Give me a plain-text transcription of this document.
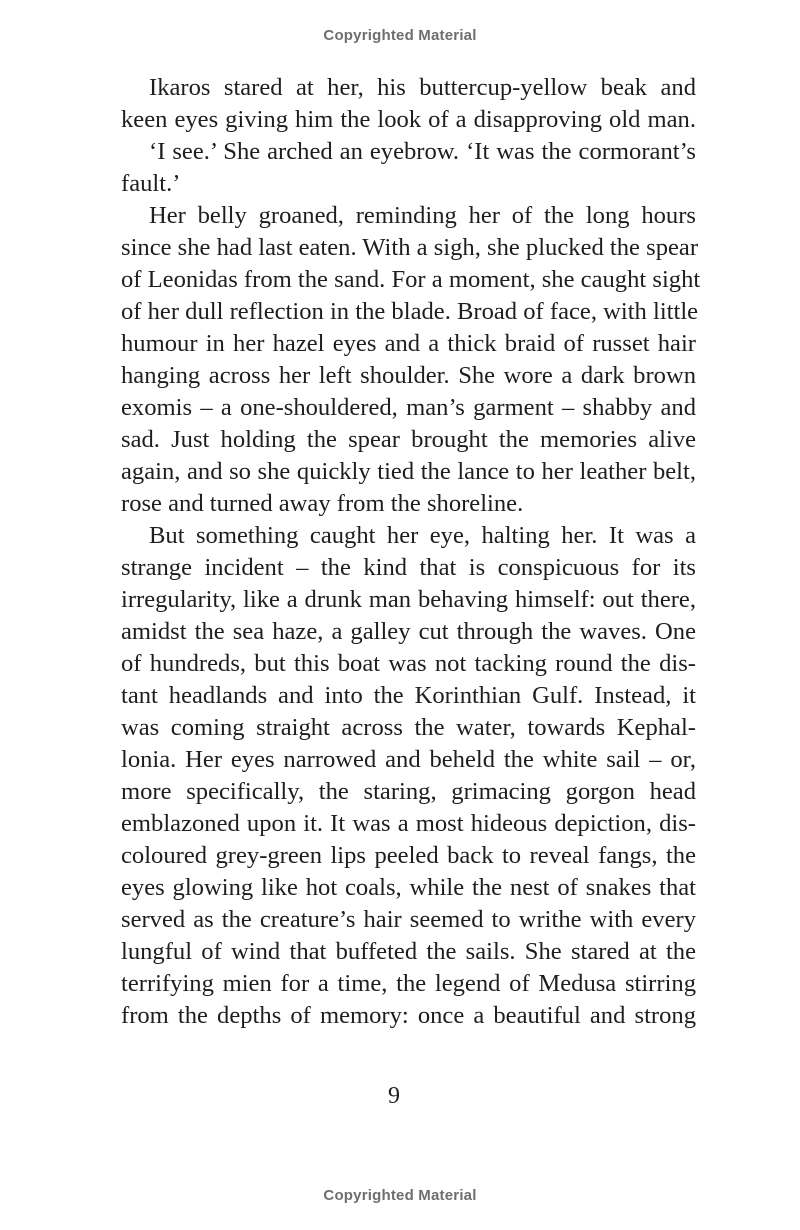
Copyrighted Material

Ikaros stared at her, his buttercup-yellow beak and
keen eyes giving him the look of a disapproving old man.

‘I see.’ She arched an eyebrow. ‘It was the cormorant’s
fault.’

Her belly groaned, reminding her of the long hours
since she had last eaten. With a sigh, she plucked the spear
of Leonidas from the sand. For a moment, she caught sight
of her dull reflection in the blade. Broad of face, with little
humour in her hazel eyes and a thick braid of russet hair
hanging across her left shoulder. She wore a dark brown
exomis – a one-shouldered, man’s garment – shabby and
sad. Just holding the spear brought the memories alive
again, and so she quickly tied the lance to her leather belt,
rose and turned away from the shoreline.

But something caught her eye, halting her. It was a
strange incident – the kind that is conspicuous for its
irregularity, like a drunk man behaving himself: out there,
amidst the sea haze, a galley cut through the waves. One
of hundreds, but this boat was not tacking round the dis-
tant headlands and into the Korinthian Gulf. Instead, it
was coming straight across the water, towards Kephal-
lonia. Her eyes narrowed and beheld the white sail – or,
more specifically, the staring, grimacing gorgon head
emblazoned upon it. It was a most hideous depiction, dis-
coloured grey-green lips peeled back to reveal fangs, the
eyes glowing like hot coals, while the nest of snakes that
served as the creature’s hair seemed to writhe with every
lungful of wind that buffeted the sails. She stared at the
terrifying mien for a time, the legend of Medusa stirring
from the depths of memory: once a beautiful and strong

9
Copyrighted Material
